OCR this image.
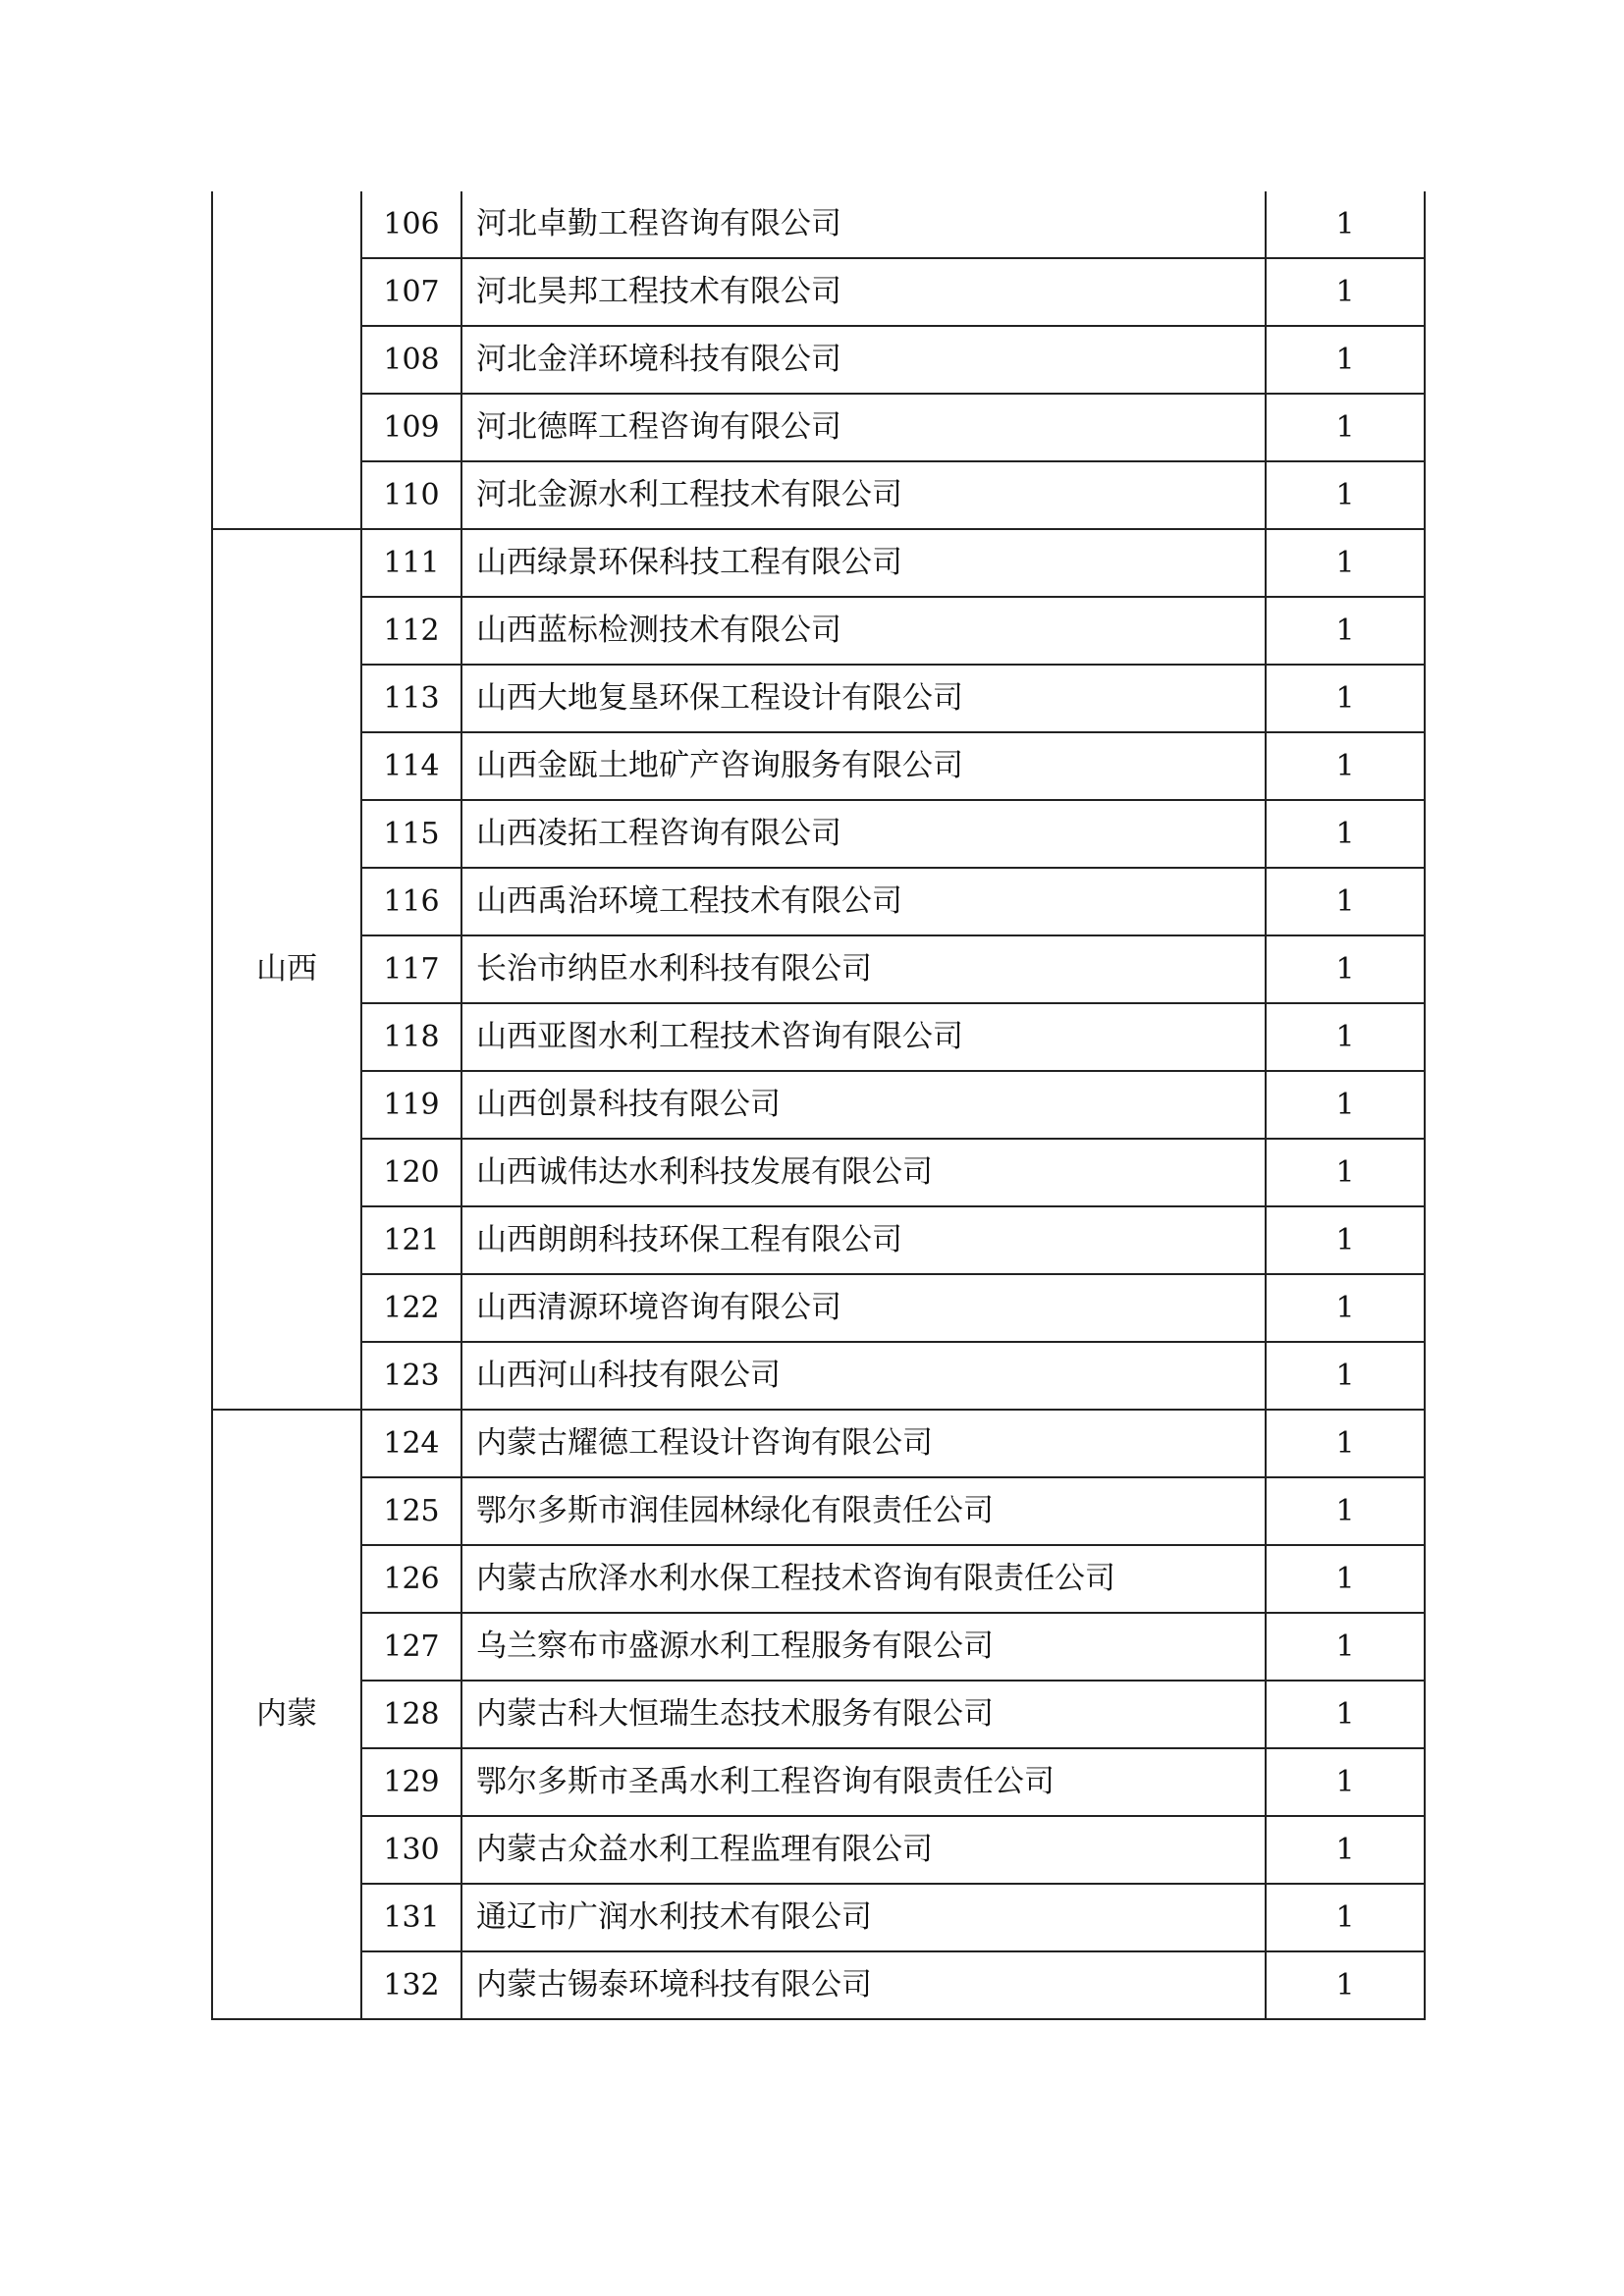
	106	河北卓勤工程咨询有限公司	1
	107	河北昊邦工程技术有限公司	1
	108	河北金洋环境科技有限公司	1
	109	河北德晖工程咨询有限公司	1
	110	河北金源水利工程技术有限公司	1
山西	111	山西绿景环保科技工程有限公司	1
	112	山西蓝标检测技术有限公司	1
	113	山西大地复垦环保工程设计有限公司	1
	114	山西金瓯土地矿产咨询服务有限公司	1
	115	山西凌拓工程咨询有限公司	1
	116	山西禹治环境工程技术有限公司	1
	117	长治市纳臣水利科技有限公司	1
	118	山西亚图水利工程技术咨询有限公司	1
	119	山西创景科技有限公司	1
	120	山西诚伟达水利科技发展有限公司	1
	121	山西朗朗科技环保工程有限公司	1
	122	山西清源环境咨询有限公司	1
	123	山西河山科技有限公司	1
内蒙	124	内蒙古耀德工程设计咨询有限公司	1
	125	鄂尔多斯市润佳园林绿化有限责任公司	1
	126	内蒙古欣泽水利水保工程技术咨询有限责任公司	1
	127	乌兰察布市盛源水利工程服务有限公司	1
	128	内蒙古科大恒瑞生态技术服务有限公司	1
	129	鄂尔多斯市圣禹水利工程咨询有限责任公司	1
	130	内蒙古众益水利工程监理有限公司	1
	131	通辽市广润水利技术有限公司	1
	132	内蒙古锡泰环境科技有限公司	1
